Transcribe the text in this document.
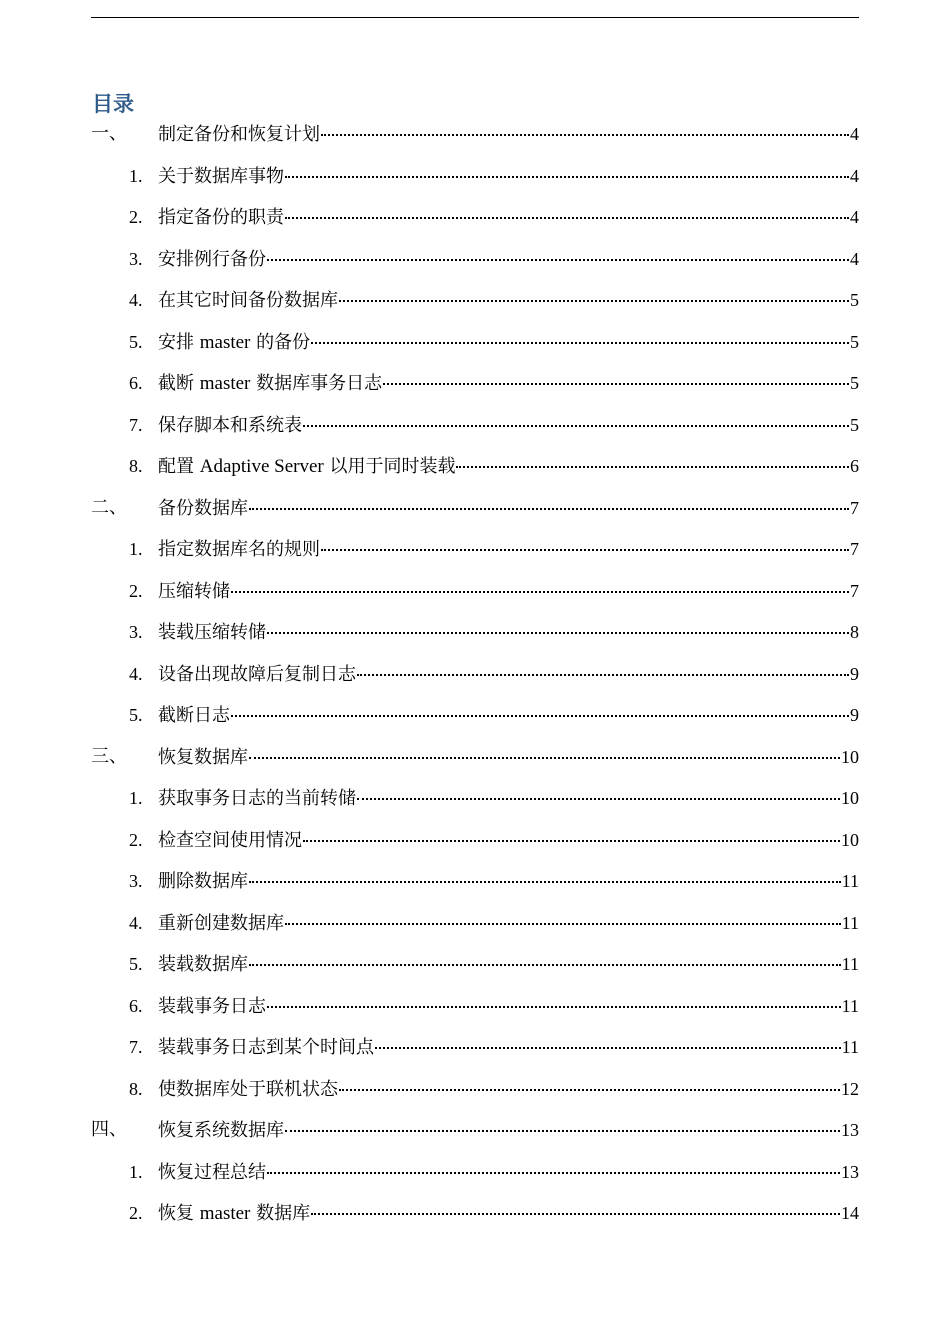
目录
一、 制定备份和恢复计划	4
1. 关于数据库事物	4
2. 指定备份的职责	4
3. 安排例行备份	4
4. 在其它时间备份数据库	5
5. 安排 master 的备份	5
6. 截断 master 数据库事务日志	5
7. 保存脚本和系统表	5
8. 配置 Adaptive Server 以用于同时装载	6
二、 备份数据库	7
1. 指定数据库名的规则	7
2. 压缩转储	7
3. 装载压缩转储	8
4. 设备出现故障后复制日志	9
5. 截断日志	9
三、 恢复数据库	10
1. 获取事务日志的当前转储	10
2. 检查空间使用情况	10
3. 删除数据库	11
4. 重新创建数据库	11
5. 装载数据库	11
6. 装载事务日志	11
7. 装载事务日志到某个时间点	11
8. 使数据库处于联机状态	12
四、 恢复系统数据库	13
1. 恢复过程总结	13
2. 恢复 master 数据库	14
